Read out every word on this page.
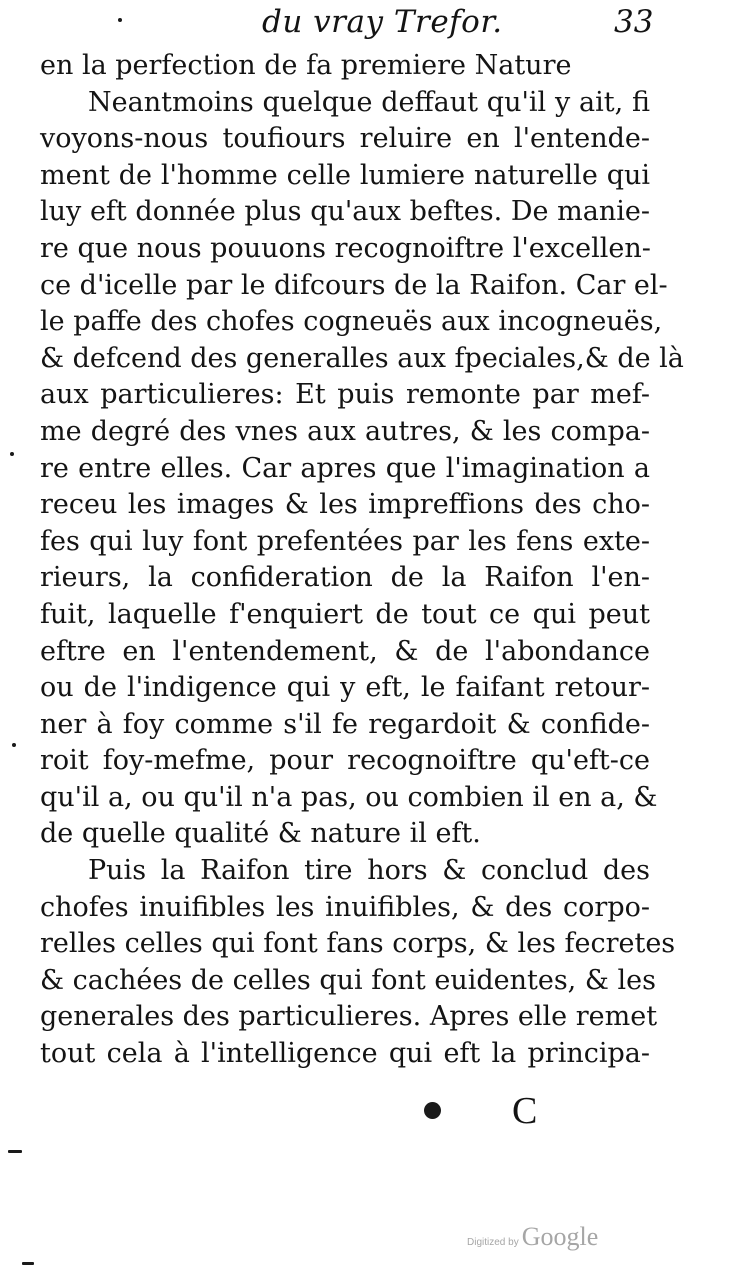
du vray Trefor.	33
en la perfection de fa premiere Nature
Neantmoins quelque deffaut qu'il y ait, fi
voyons-nous toufiours reluire en l'entende-
ment de l'homme celle lumiere naturelle qui
luy eft donnée plus qu'aux beftes. De manie-
re que nous pouuons recognoiftre l'excellen-
ce d'icelle par le difcours de la Raifon. Car el-
le paffe des chofes cogneuës aux incogneuës,
& defcend des generalles aux fpeciales,& de là
aux particulieres: Et puis remonte par mef-
me degré des vnes aux autres, & les compa-
re entre elles. Car apres que l'imagination a
receu les images & les impreffions des cho-
fes qui luy font prefentées par les fens exte-
rieurs, la confideration de la Raifon l'en-
fuit, laquelle f'enquiert de tout ce qui peut
eftre en l'entendement, & de l'abondance
ou de l'indigence qui y eft, le faifant retour-
ner à foy comme s'il fe regardoit & confide-
roit foy-mefme, pour recognoiftre qu'eft-ce
qu'il a, ou qu'il n'a pas, ou combien il en a, &
de quelle qualité & nature il eft.
Puis la Raifon tire hors & conclud des
chofes inuifibles les inuifibles, & des corpo-
relles celles qui font fans corps, & les fecretes
& cachées de celles qui font euidentes, & les
generales des particulieres. Apres elle remet
tout cela à l'intelligence qui eft la principa-
C
Digitized by Google
